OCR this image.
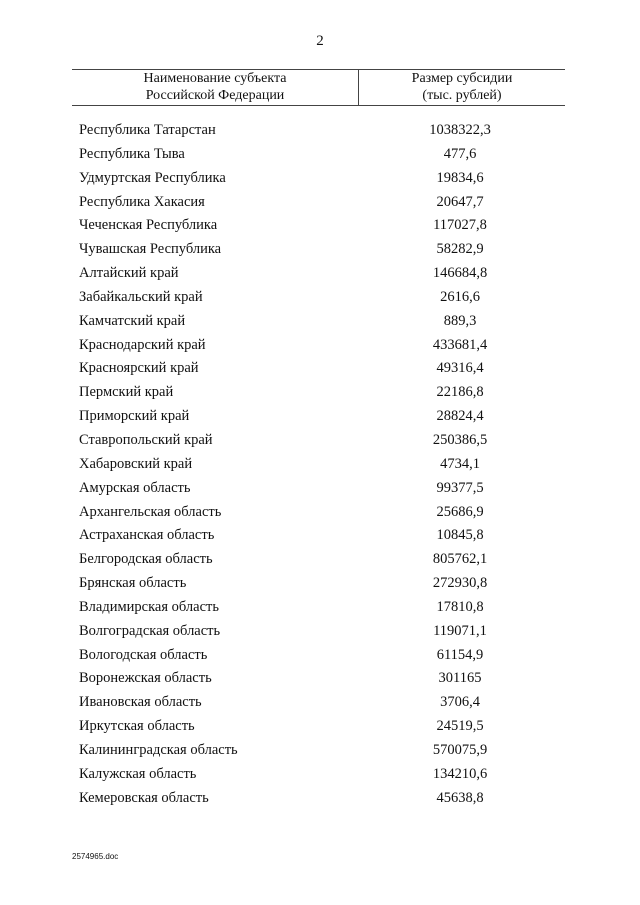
2
Наименование субъекта
Российской Федерации
Размер субсидии
(тыс. рублей)
Республика Татарстан	1038322,3
Республика Тыва	477,6
Удмуртская Республика	19834,6
Республика Хакасия	20647,7
Чеченская Республика	117027,8
Чувашская Республика	58282,9
Алтайский край	146684,8
Забайкальский край	2616,6
Камчатский край	889,3
Краснодарский край	433681,4
Красноярский край	49316,4
Пермский край	22186,8
Приморский край	28824,4
Ставропольский край	250386,5
Хабаровский край	4734,1
Амурская область	99377,5
Архангельская область	25686,9
Астраханская область	10845,8
Белгородская область	805762,1
Брянская область	272930,8
Владимирская область	17810,8
Волгоградская область	119071,1
Вологодская область	61154,9
Воронежская область	301165
Ивановская область	3706,4
Иркутская область	24519,5
Калининградская область	570075,9
Калужская область	134210,6
Кемеровская область	45638,8
2574965.doc
